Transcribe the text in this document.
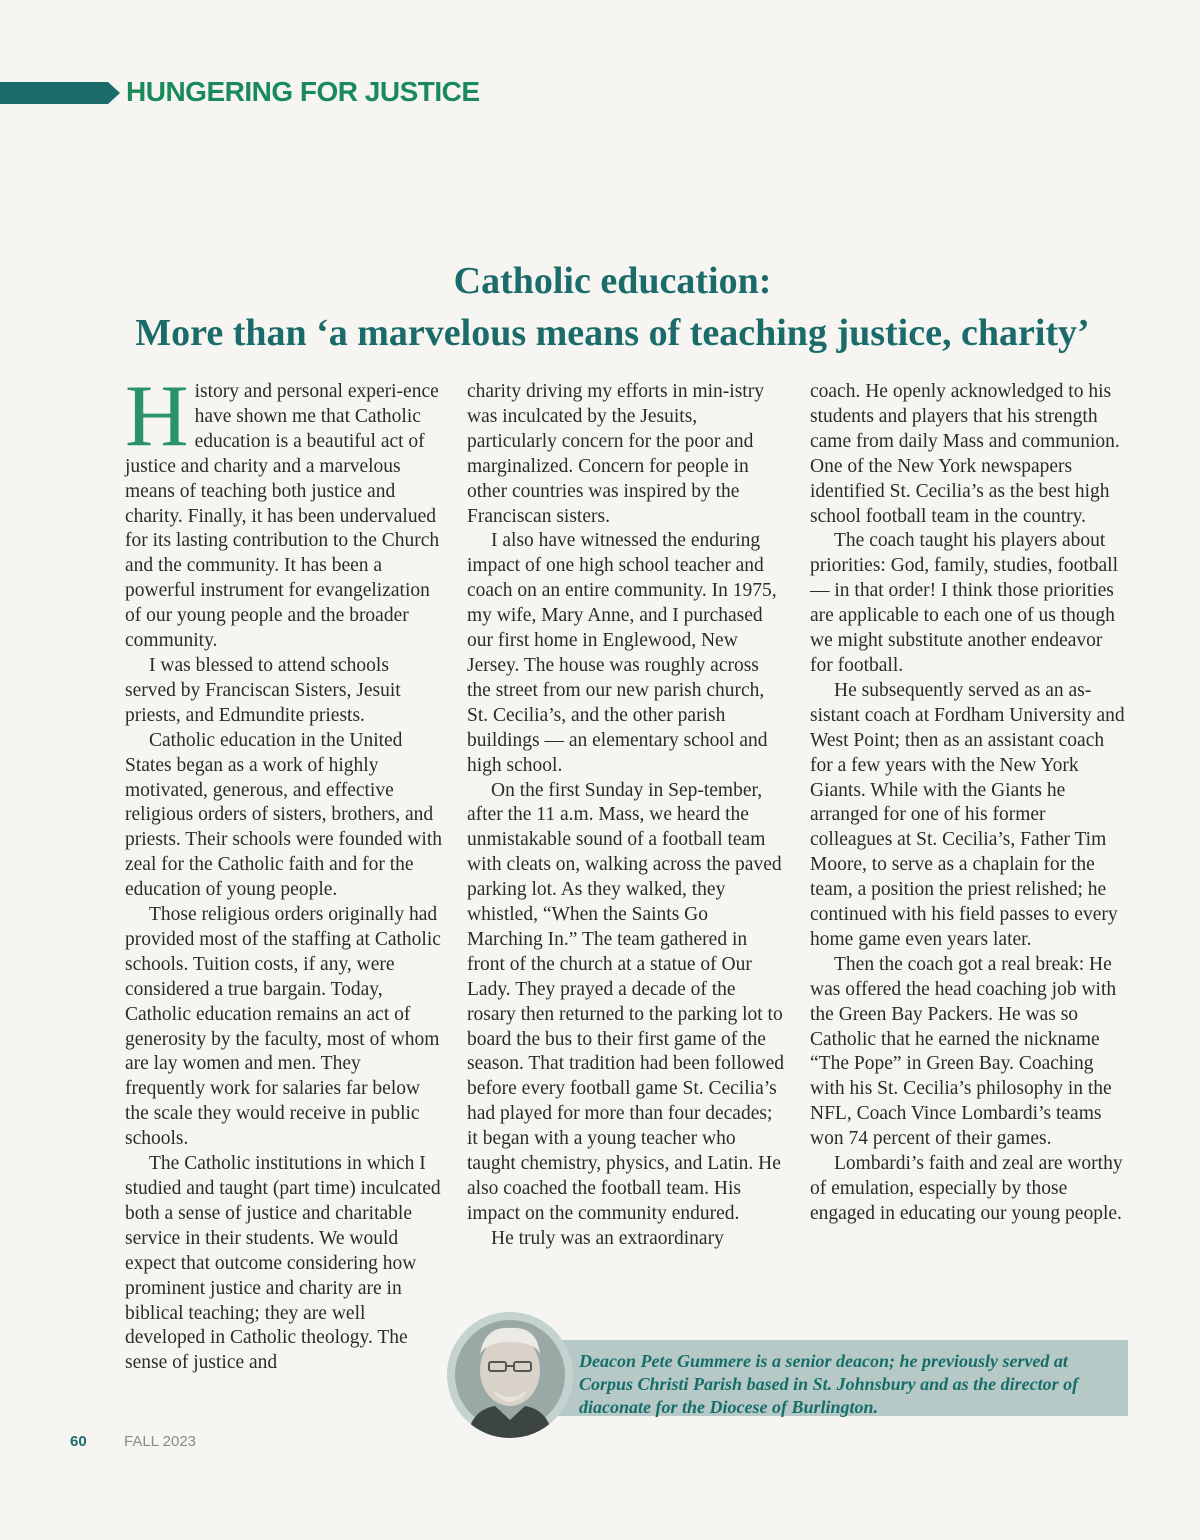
HUNGERING FOR JUSTICE
Catholic education:
More than ‘a marvelous means of teaching justice, charity’

History and personal experi-ence have shown me that Catholic education is a beautiful act of justice and charity and a marvelous means of teaching both justice and charity. Finally, it has been undervalued for its lasting contribution to the Church and the community. It has been a powerful instrument for evangelization of our young people and the broader community.

I was blessed to attend schools served by Franciscan Sisters, Jesuit priests, and Edmundite priests.

Catholic education in the United States began as a work of highly motivated, generous, and effective religious orders of sisters, brothers, and priests. Their schools were founded with zeal for the Catholic faith and for the education of young people.

Those religious orders originally had provided most of the staffing at Catholic schools. Tuition costs, if any, were considered a true bargain. Today, Catholic education remains an act of generosity by the faculty, most of whom are lay women and men. They frequently work for salaries far below the scale they would receive in public schools.

The Catholic institutions in which I studied and taught (part time) inculcated both a sense of justice and charitable service in their students. We would expect that outcome considering how prominent justice and charity are in biblical teaching; they are well developed in Catholic theology. The sense of justice and

charity driving my efforts in min-istry was inculcated by the Jesuits, particularly concern for the poor and marginalized. Concern for people in other countries was inspired by the Franciscan sisters.

I also have witnessed the enduring impact of one high school teacher and coach on an entire community. In 1975, my wife, Mary Anne, and I purchased our first home in Englewood, New Jersey. The house was roughly across the street from our new parish church, St. Cecilia’s, and the other parish buildings — an elementary school and high school.

On the first Sunday in Sep-tember, after the 11 a.m. Mass, we heard the unmistakable sound of a football team with cleats on, walking across the paved parking lot. As they walked, they whistled, “When the Saints Go Marching In.” The team gathered in front of the church at a statue of Our Lady. They prayed a decade of the rosary then returned to the parking lot to board the bus to their first game of the season. That tradition had been followed before every football game St. Cecilia’s had played for more than four decades; it began with a young teacher who taught chemistry, physics, and Latin. He also coached the football team. His impact on the community endured.

He truly was an extraordinary

coach. He openly acknowledged to his students and players that his strength came from daily Mass and communion. One of the New York newspapers identified St. Cecilia’s as the best high school football team in the country.

The coach taught his players about priorities: God, family, studies, football — in that order! I think those priorities are applicable to each one of us though we might substitute another endeavor for football.

He subsequently served as an as-sistant coach at Fordham University and West Point; then as an assistant coach for a few years with the New York Giants. While with the Giants he arranged for one of his former colleagues at St. Cecilia’s, Father Tim Moore, to serve as a chaplain for the team, a position the priest relished; he continued with his field passes to every home game even years later.

Then the coach got a real break: He was offered the head coaching job with the Green Bay Packers. He was so Catholic that he earned the nickname “The Pope” in Green Bay. Coaching with his St. Cecilia’s philosophy in the NFL, Coach Vince Lombardi’s teams won 74 percent of their games.

Lombardi’s faith and zeal are worthy of emulation, especially by those engaged in educating our young people.

Deacon Pete Gummere is a senior deacon; he previously served at Corpus Christi Parish based in St. Johnsbury and as the director of diaconate for the Diocese of Burlington.

60 FALL 2023
